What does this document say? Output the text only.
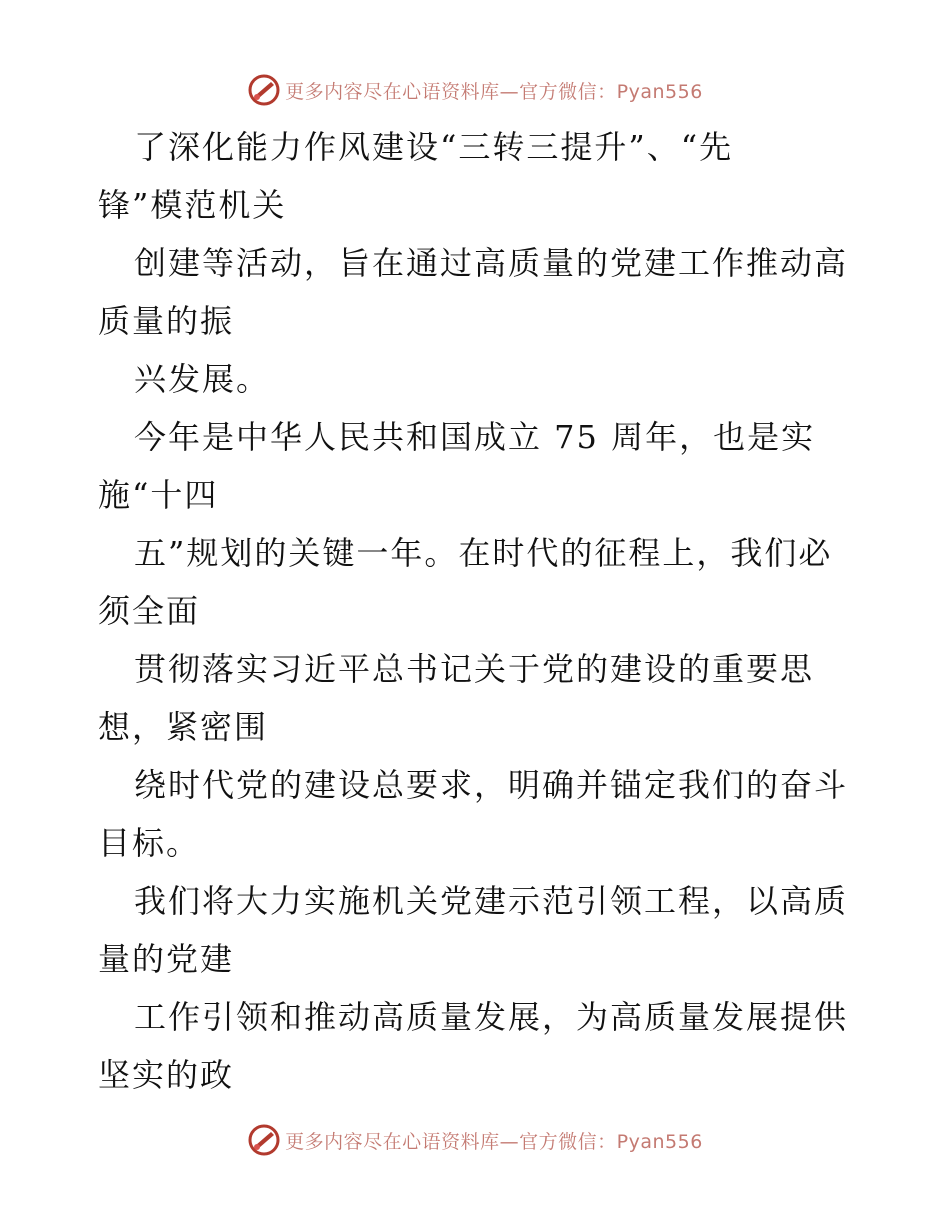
更多内容尽在心语资料库—官方微信：Pyan556
了深化能力作风建设“三转三提升”、“先
锋”模范机关
创建等活动，旨在通过高质量的党建工作推动高
质量的振
兴发展。
今年是中华人民共和国成立 75 周年，也是实
施“十四
五”规划的关键一年。在时代的征程上，我们必
须全面
贯彻落实习近平总书记关于党的建设的重要思
想，紧密围
绕时代党的建设总要求，明确并锚定我们的奋斗
目标。
我们将大力实施机关党建示范引领工程，以高质
量的党建
工作引领和推动高质量发展，为高质量发展提供
坚实的政
更多内容尽在心语资料库—官方微信：Pyan556
